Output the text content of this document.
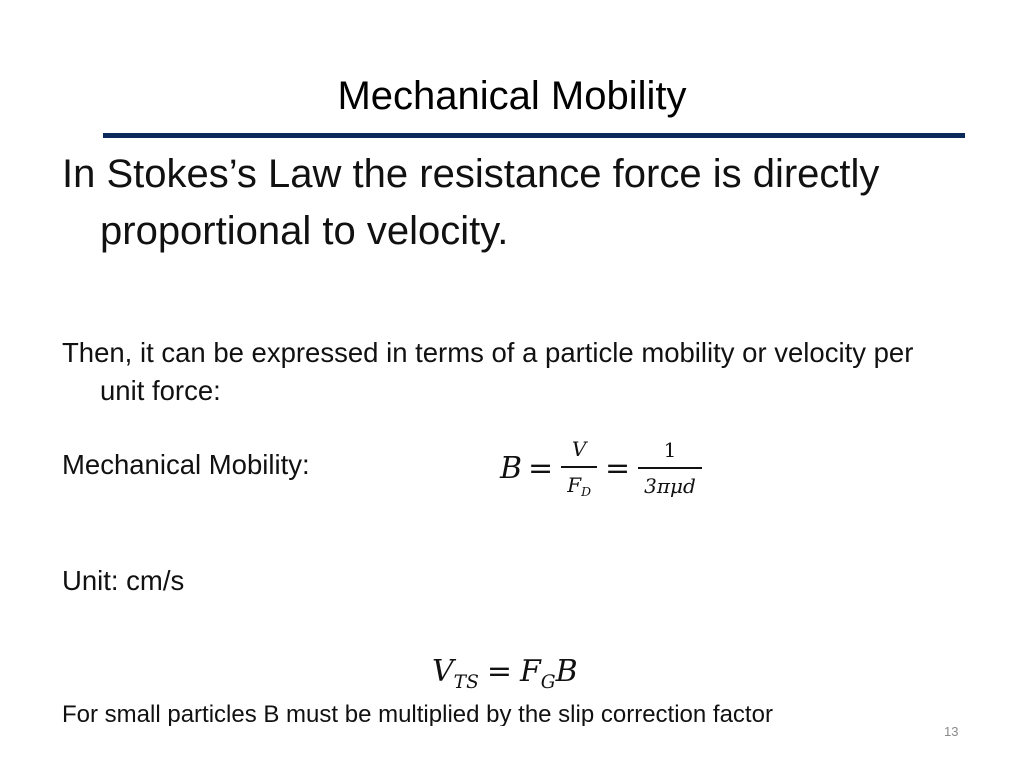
Mechanical Mobility
In Stokes’s Law the resistance force is directly proportional to velocity.
Then, it can be expressed in terms of a particle mobility or velocity per unit force:
Mechanical Mobility:	$B = \frac{V}{F_D} = \frac{1}{\text{3πμd}}$
Unit: cm/s
$V_{TS} = F_GB$
For small particles B must be multiplied by the slip correction factor
13
